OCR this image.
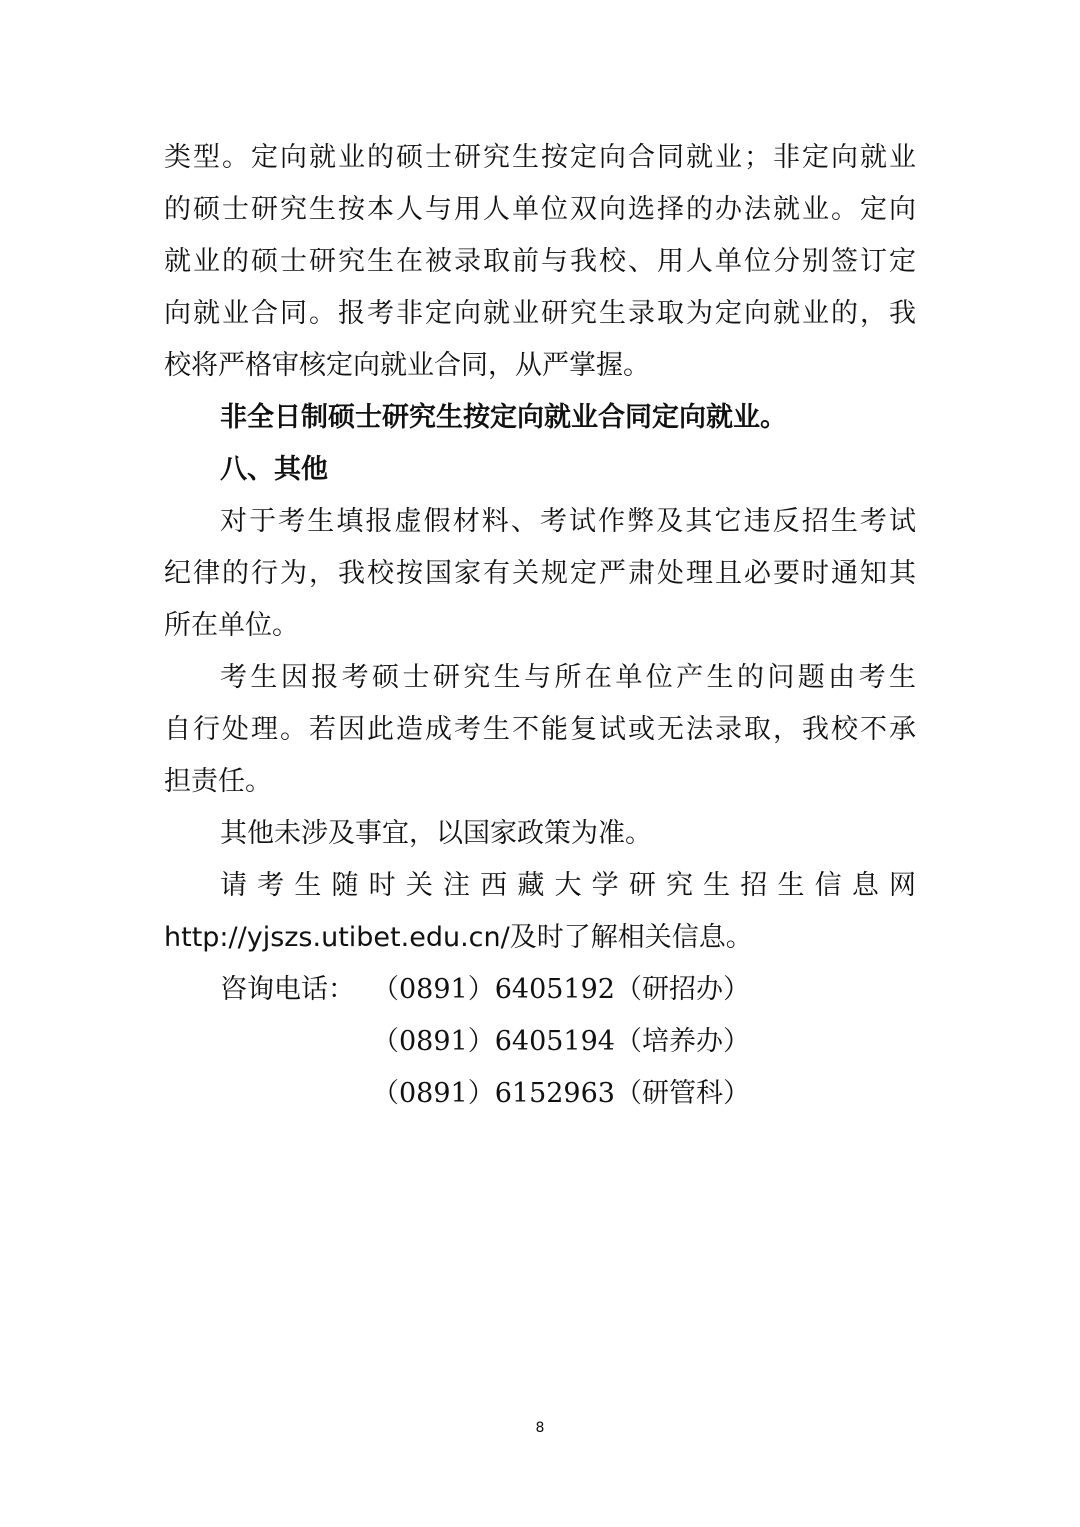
类型。定向就业的硕士研究生按定向合同就业；非定向就业
的硕士研究生按本人与用人单位双向选择的办法就业。定向
就业的硕士研究生在被录取前与我校、用人单位分别签订定
向就业合同。报考非定向就业研究生录取为定向就业的，我
校将严格审核定向就业合同，从严掌握。
非全日制硕士研究生按定向就业合同定向就业。
八、其他
对于考生填报虚假材料、考试作弊及其它违反招生考试
纪律的行为，我校按国家有关规定严肃处理且必要时通知其
所在单位。
考生因报考硕士研究生与所在单位产生的问题由考生
自行处理。若因此造成考生不能复试或无法录取，我校不承
担责任。
其他未涉及事宜，以国家政策为准。
请考生随时关注西藏大学研究生招生信息网
http://yjszs.utibet.edu.cn/及时了解相关信息。
咨询电话： （0891）6405192（研招办）
（0891）6405194（培养办）
（0891）6152963（研管科）
8
